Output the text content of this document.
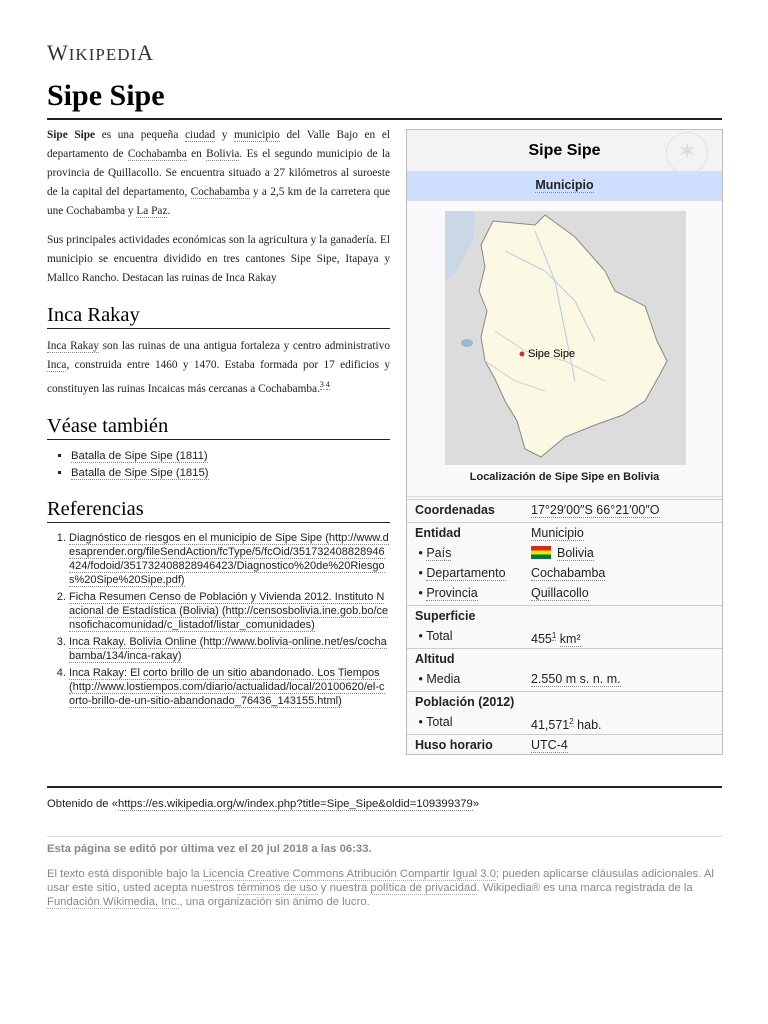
WIKIPEDIA
Sipe Sipe

Sipe Sipe es una pequeña ciudad y municipio del Valle Bajo en el departamento de Cochabamba en Bolivia. Es el segundo municipio de la provincia de Quillacollo. Se encuentra situado a 27 kilómetros al suroeste de la capital del departamento, Cochabamba y a 2,5 km de la carretera que une Cochabamba y La Paz.

Sus principales actividades económicas son la agricultura y la ganadería. El municipio se encuentra dividido en tres cantones Sipe Sipe, Itapaya y Mallco Rancho. Destacan las ruinas de Inca Rakay

Inca Rakay

Inca Rakay son las ruinas de una antigua fortaleza y centro administrativo Inca, construida entre 1460 y 1470. Estaba formada por 17 edificios y constituyen las ruinas Incaicas más cercanas a Cochabamba.$^{3 4}$

Véase también
▪ Batalla de Sipe Sipe (1811)
▪ Batalla de Sipe Sipe (1815)
Referencias
1. Diagnóstico de riesgos en el municipio de Sipe Sipe (http://www.desaprender.org/fileSendAction/fcType/5/fcOid/351732408828946424/fodoid/351732408828946423/Diagnostico%20de%20Riesgos%20Sipe%20Sipe.pdf)
2. Ficha Resumen Censo de Población y Vivienda 2012. Instituto Nacional de Estadística (Bolivia) (http://censosbolivia.ine.gob.bo/censofichacomunidad/c_listadof/listar_comunidades)
3. Inca Rakay. Bolivia Online (http://www.bolivia-online.net/es/cochabamba/134/inca-rakay)
4. Inca Rakay: El corto brillo de un sitio abandonado. Los Tiempos (http://www.lostiempos.com/diario/actualidad/local/20100620/el-corto-brillo-de-un-sitio-abandonado_76436_143155.html)
Sipe Sipe	✶
Municipio
Sipe Sipe
Localización de Sipe Sipe en Bolivia
Coordenadas	17°29′00″S 66°21′00″O
Entidad	Municipio
• País	Bolivia
• Departamento	Cochabamba
• Provincia	Quillacollo
Superficie
• Total	$455^1$ km²
Altitud
• Media	2.550 m s. n. m.
Población (2012)
• Total	41,571$^2$ hab.
Huso horario	UTC-4
Obtenido de «https://es.wikipedia.org/w/index.php?title=Sipe_Sipe&oldid=109399379»
Esta página se editó por última vez el 20 jul 2018 a las 06:33.
El texto está disponible bajo la Licencia Creative Commons Atribución Compartir Igual 3.0; pueden aplicarse cláusulas adicionales. Al usar este sitio, usted acepta nuestros términos de uso y nuestra política de privacidad. Wikipedia® es una marca registrada de la Fundación Wikimedia, Inc., una organización sin ánimo de lucro.
